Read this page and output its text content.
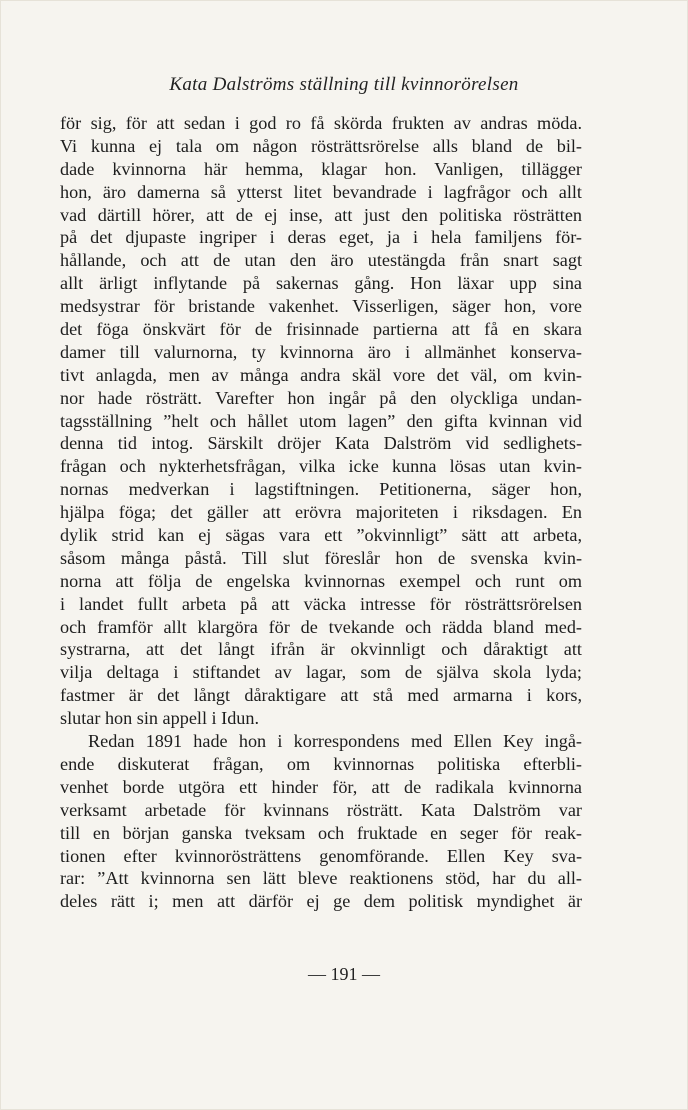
Kata Dalströms ställning till kvinnorörelsen
för sig, för att sedan i god ro få skörda frukten av andras möda.
Vi kunna ej tala om någon rösträttsrörelse alls bland de bil-
dade kvinnorna här hemma, klagar hon. Vanligen, tillägger
hon, äro damerna så ytterst litet bevandrade i lagfrågor och allt
vad därtill hörer, att de ej inse, att just den politiska rösträtten
på det djupaste ingriper i deras eget, ja i hela familjens för-
hållande, och att de utan den äro utestängda från snart sagt
allt ärligt inflytande på sakernas gång. Hon läxar upp sina
medsystrar för bristande vakenhet. Visserligen, säger hon, vore
det föga önskvärt för de frisinnade partierna att få en skara
damer till valurnorna, ty kvinnorna äro i allmänhet konserva-
tivt anlagda, men av många andra skäl vore det väl, om kvin-
nor hade rösträtt. Varefter hon ingår på den olyckliga undan-
tagsställning ”helt och hållet utom lagen” den gifta kvinnan vid
denna tid intog. Särskilt dröjer Kata Dalström vid sedlighets-
frågan och nykterhetsfrågan, vilka icke kunna lösas utan kvin-
nornas medverkan i lagstiftningen. Petitionerna, säger hon,
hjälpa föga; det gäller att erövra majoriteten i riksdagen. En
dylik strid kan ej sägas vara ett ”okvinnligt” sätt att arbeta,
såsom många påstå. Till slut föreslår hon de svenska kvin-
norna att följa de engelska kvinnornas exempel och runt om
i landet fullt arbeta på att väcka intresse för rösträttsrörelsen
och framför allt klargöra för de tvekande och rädda bland med-
systrarna, att det långt ifrån är okvinnligt och dåraktigt att
vilja deltaga i stiftandet av lagar, som de själva skola lyda;
fastmer är det långt dåraktigare att stå med armarna i kors,
slutar hon sin appell i Idun.
Redan 1891 hade hon i korrespondens med Ellen Key ingå-
ende diskuterat frågan, om kvinnornas politiska efterbli-
venhet borde utgöra ett hinder för, att de radikala kvinnorna
verksamt arbetade för kvinnans rösträtt. Kata Dalström var
till en början ganska tveksam och fruktade en seger för reak-
tionen efter kvinnorösträttens genomförande. Ellen Key sva-
rar: ”Att kvinnorna sen lätt bleve reaktionens stöd, har du all-
deles rätt i; men att därför ej ge dem politisk myndighet är
— 191 —
